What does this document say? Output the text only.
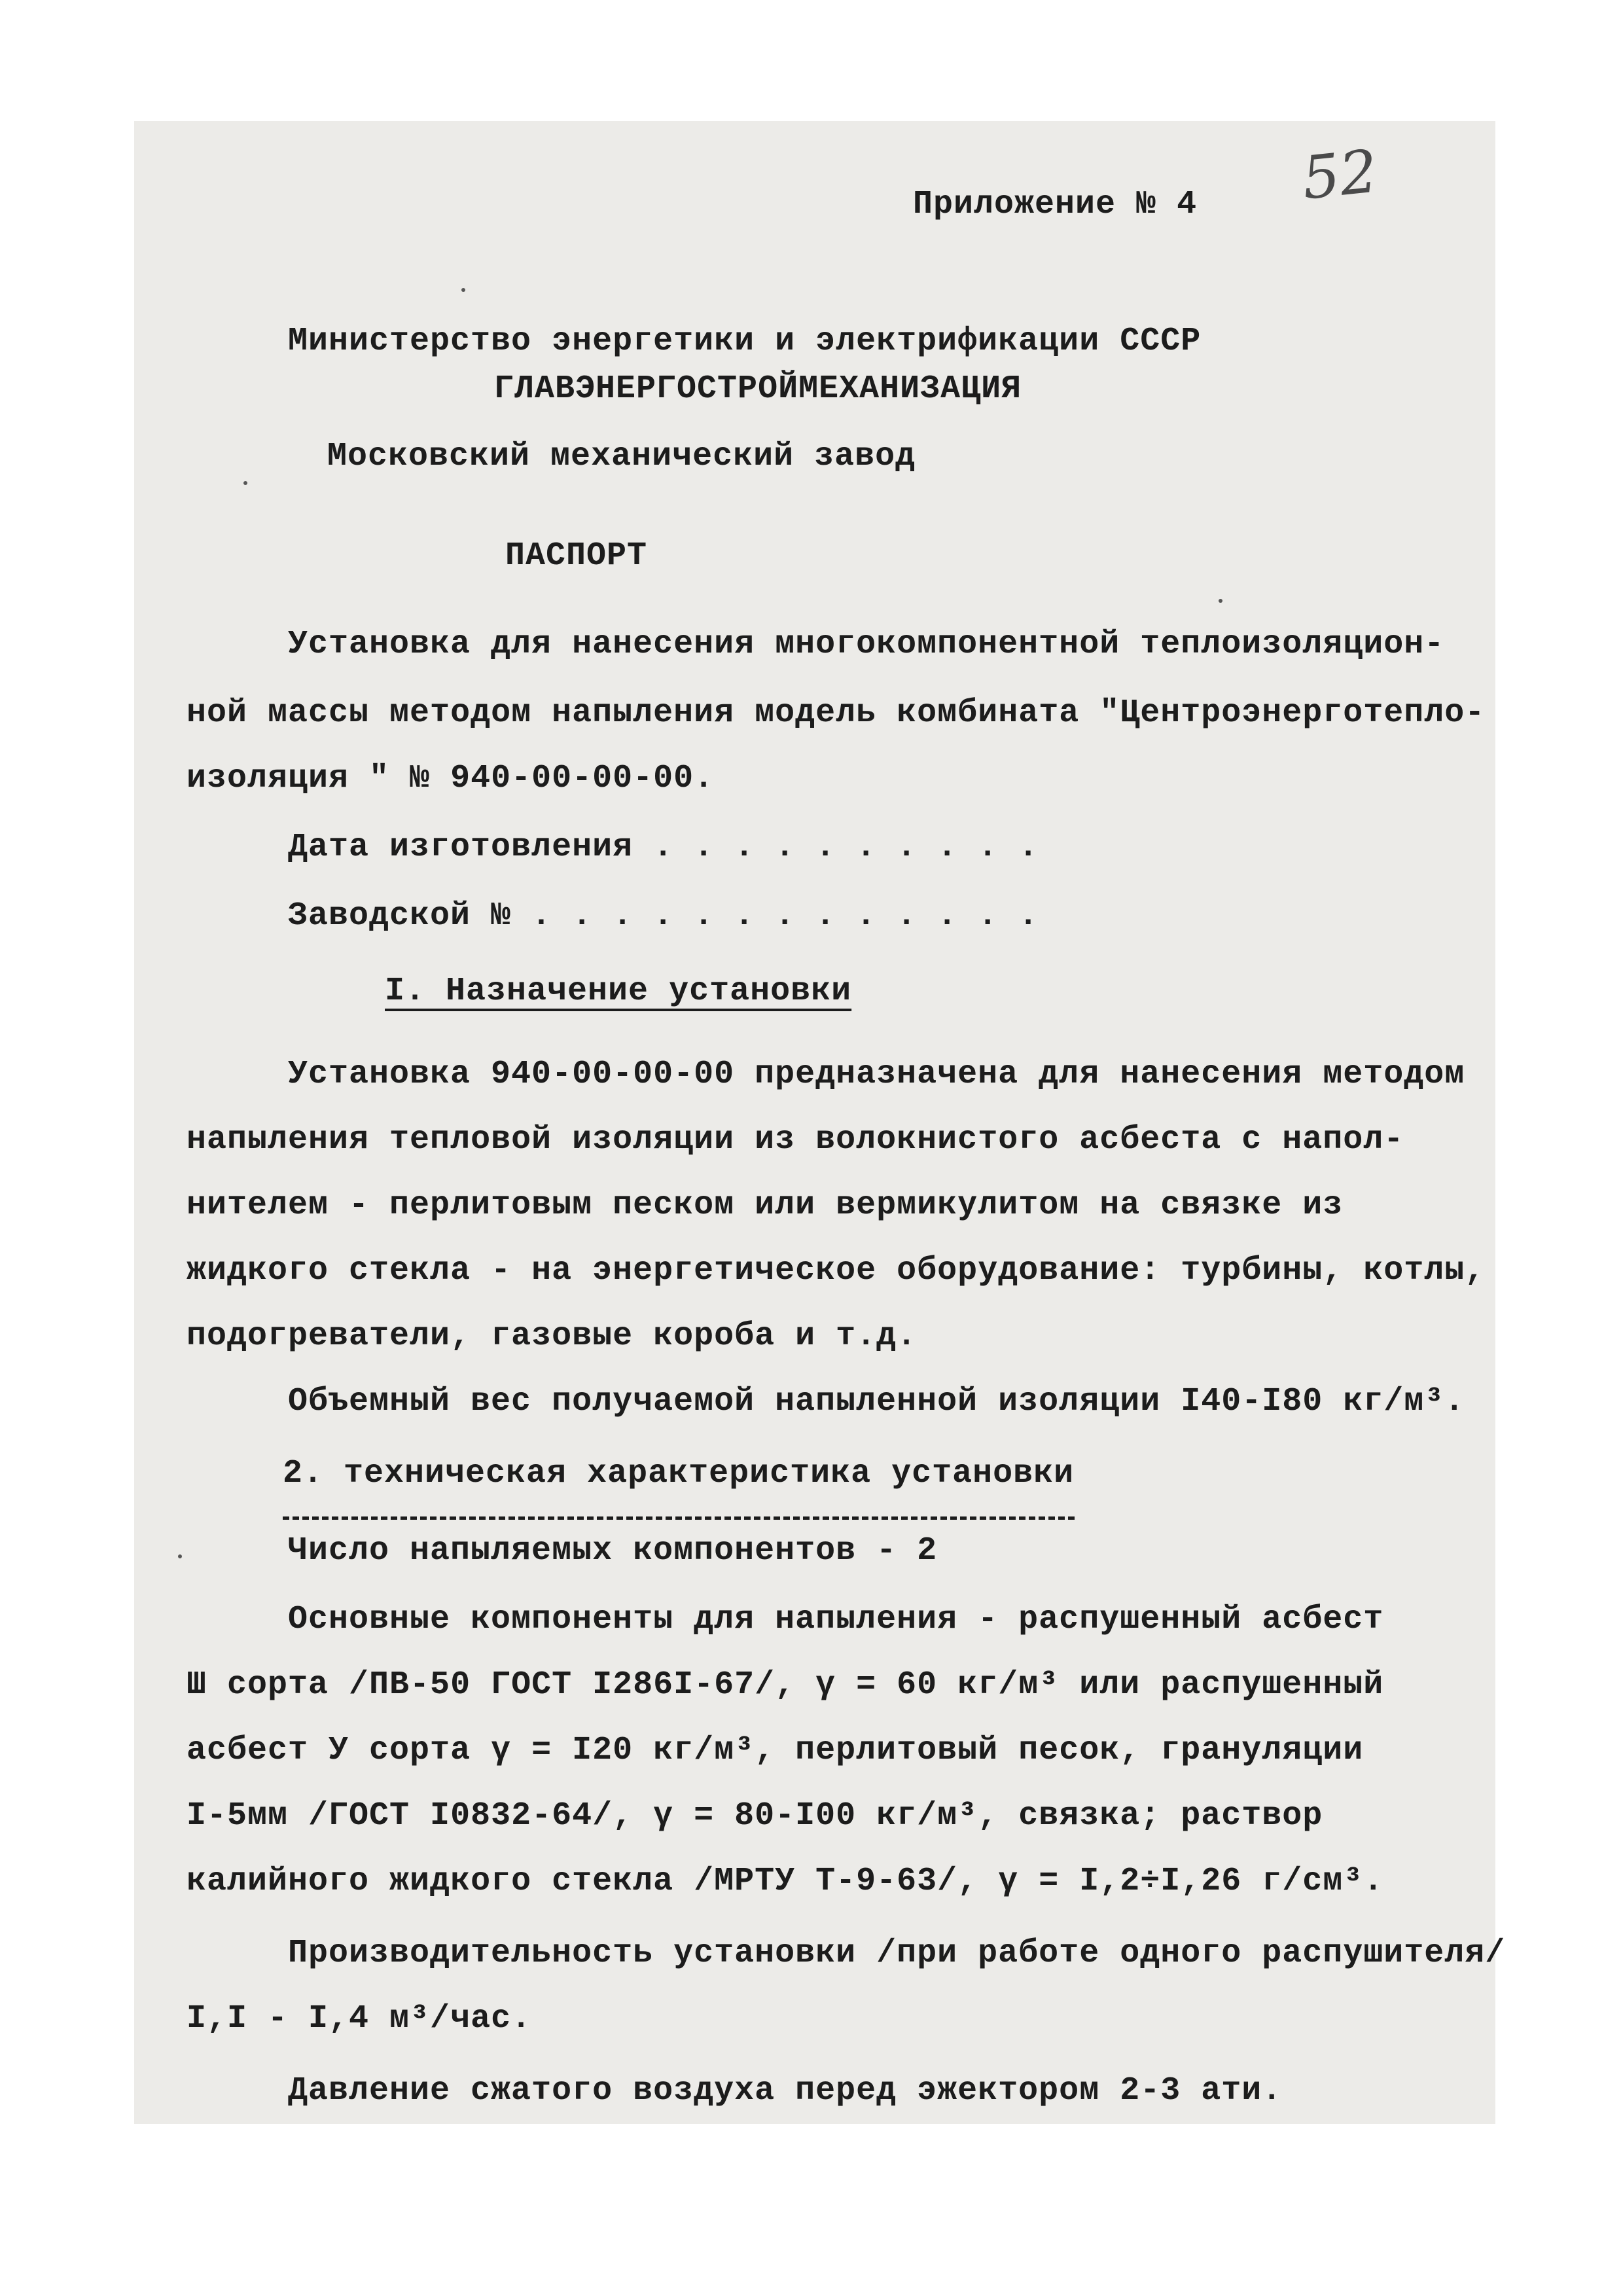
52
Приложение № 4
Министерство энергетики и электрификации СССР
ГЛАВЭНЕРГОСТРОЙМЕХАНИЗАЦИЯ
Московский механический завод
ПАСПОРТ
Установка для нанесения многокомпонентной теплоизоляцион-
ной массы методом напыления модель комбината "Центроэнерготепло-
изоляция " № 940-00-00-00.
Дата изготовления . . . . . . . . . .
Заводской № . . . . . . . . . . . . .
I. Назначение установки
Установка 940-00-00-00 предназначена для нанесения методом
напыления тепловой изоляции из волокнистого асбеста с напол-
нителем - перлитовым песком или вермикулитом на связке из
жидкого стекла - на энергетическое оборудование: турбины, котлы,
подогреватели, газовые короба и т.д.
Объемный вес получаемой напыленной изоляции I40-I80 кг/м³.
2. техническая характеристика установки
Число напыляемых компонентов - 2
Основные компоненты для напыления - распушенный асбест
Ш сорта /ПВ-50 ГОСТ I286I-67/, γ = 60 кг/м³ или распушенный
асбест У сорта γ = I20 кг/м³, перлитовый песок, грануляции
I-5мм /ГОСТ I0832-64/, γ = 80-I00 кг/м³, связка; раствор
калийного жидкого стекла /МРТУ Т-9-63/, γ = I,2÷I,26 г/см³.
Производительность установки /при работе одного распушителя/
I,I - I,4 м³/час.
Давление сжатого воздуха перед эжектором 2-3 ати.
